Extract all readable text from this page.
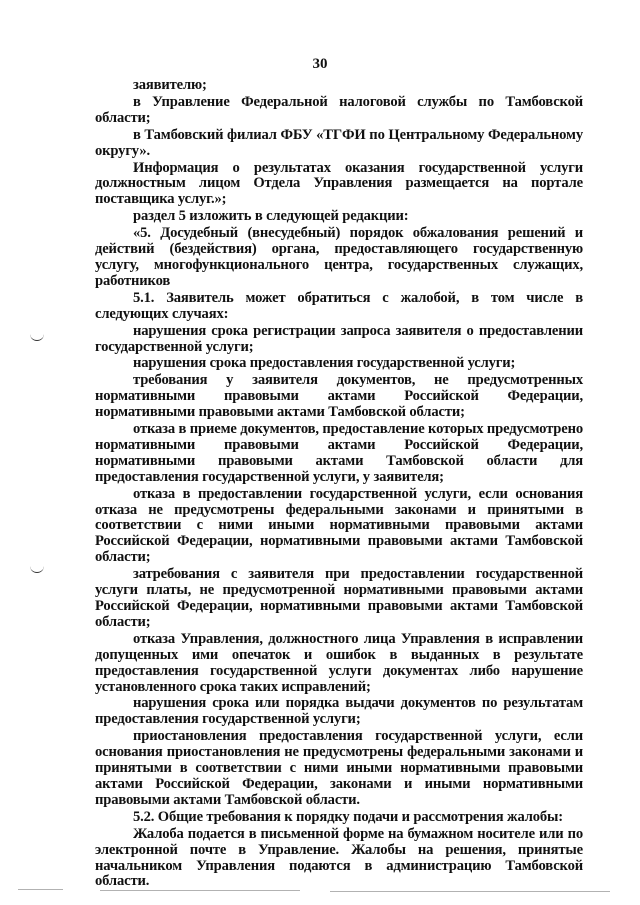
30

заявителю;

в Управление Федеральной налоговой службы по Тамбовской области;

в Тамбовский филиал ФБУ «ТГФИ по Центральному Федеральному округу».

Информация о результатах оказания государственной услуги должностным лицом Отдела Управления размещается на портале поставщика услуг.»;

раздел 5 изложить в следующей редакции:

«5. Досудебный (внесудебный) порядок обжалования решений и действий (бездействия) органа, предоставляющего государственную услугу, многофункционального центра, государственных служащих, работников

5.1. Заявитель может обратиться с жалобой, в том числе в следующих случаях:

нарушения срока регистрации запроса заявителя о предоставлении государственной услуги;

нарушения срока предоставления государственной услуги;

требования у заявителя документов, не предусмотренных нормативными правовыми актами Российской Федерации, нормативными правовыми актами Тамбовской области;

отказа в приеме документов, предоставление которых предусмотрено нормативными правовыми актами Российской Федерации, нормативными правовыми актами Тамбовской области для предоставления государственной услуги, у заявителя;

отказа в предоставлении государственной услуги, если основания отказа не предусмотрены федеральными законами и принятыми в соответствии с ними иными нормативными правовыми актами Российской Федерации, нормативными правовыми актами Тамбовской области;

затребования с заявителя при предоставлении государственной услуги платы, не предусмотренной нормативными правовыми актами Российской Федерации, нормативными правовыми актами Тамбовской области;

отказа Управления, должностного лица Управления в исправлении допущенных ими опечаток и ошибок в выданных в результате предоставления государственной услуги документах либо нарушение установленного срока таких исправлений;

нарушения срока или порядка выдачи документов по результатам предоставления государственной услуги;

приостановления предоставления государственной услуги, если основания приостановления не предусмотрены федеральными законами и принятыми в соответствии с ними иными нормативными правовыми актами Российской Федерации, законами и иными нормативными правовыми актами Тамбовской области.

5.2. Общие требования к порядку подачи и рассмотрения жалобы:

Жалоба подается в письменной форме на бумажном носителе или по электронной почте в Управление. Жалобы на решения, принятые начальником Управления подаются в администрацию Тамбовской области.
